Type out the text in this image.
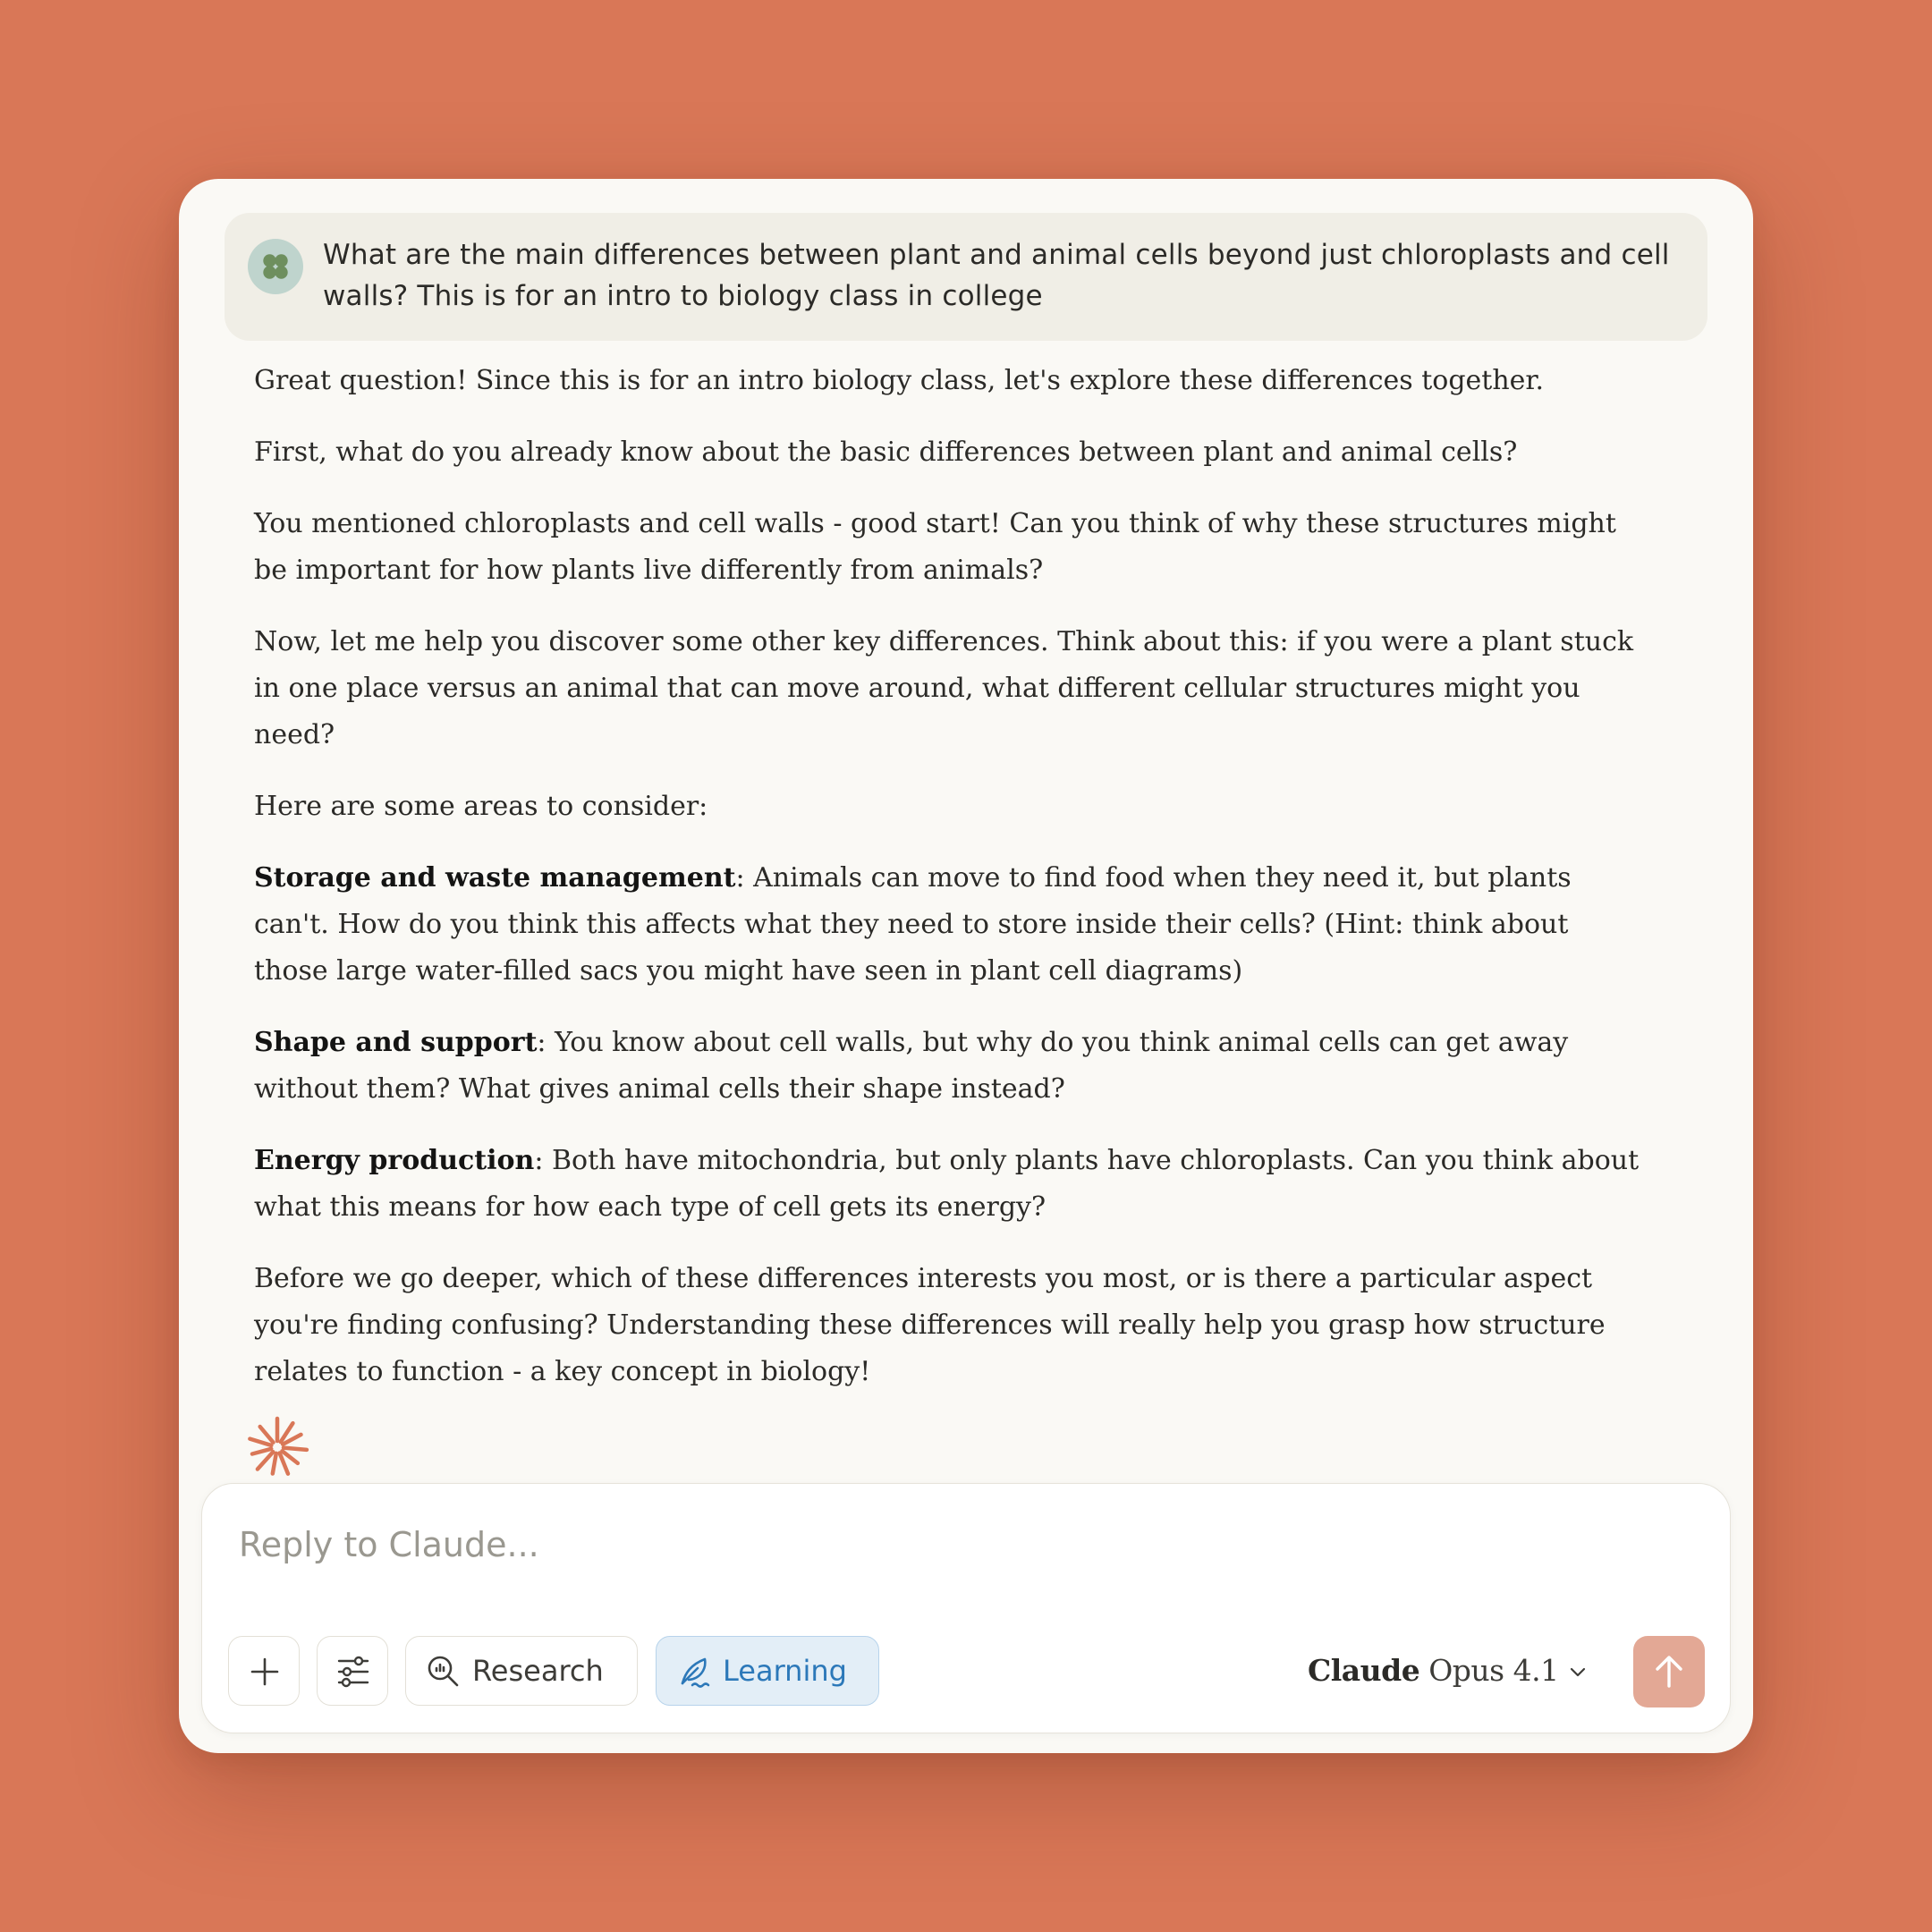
What are the main differences between plant and animal cells beyond just chloroplasts and cell walls? This is for an intro to biology class in college

Great question! Since this is for an intro biology class, let's explore these differences together.

First, what do you already know about the basic differences between plant and animal cells?

You mentioned chloroplasts and cell walls - good start! Can you think of why these structures might be important for how plants live differently from animals?

Now, let me help you discover some other key differences. Think about this: if you were a plant stuck in one place versus an animal that can move around, what different cellular structures might you need?

Here are some areas to consider:

Storage and waste management: Animals can move to find food when they need it, but plants can't. How do you think this affects what they need to store inside their cells? (Hint: think about those large water-filled sacs you might have seen in plant cell diagrams)

Shape and support: You know about cell walls, but why do you think animal cells can get away without them? What gives animal cells their shape instead?

Energy production: Both have mitochondria, but only plants have chloroplasts. Can you think about what this means for how each type of cell gets its energy?

Before we go deeper, which of these differences interests you most, or is there a particular aspect you're finding confusing? Understanding these differences will really help you grasp how structure relates to function - a key concept in biology!

Reply to Claude...
Research	Learning	Claude Opus 4.1
